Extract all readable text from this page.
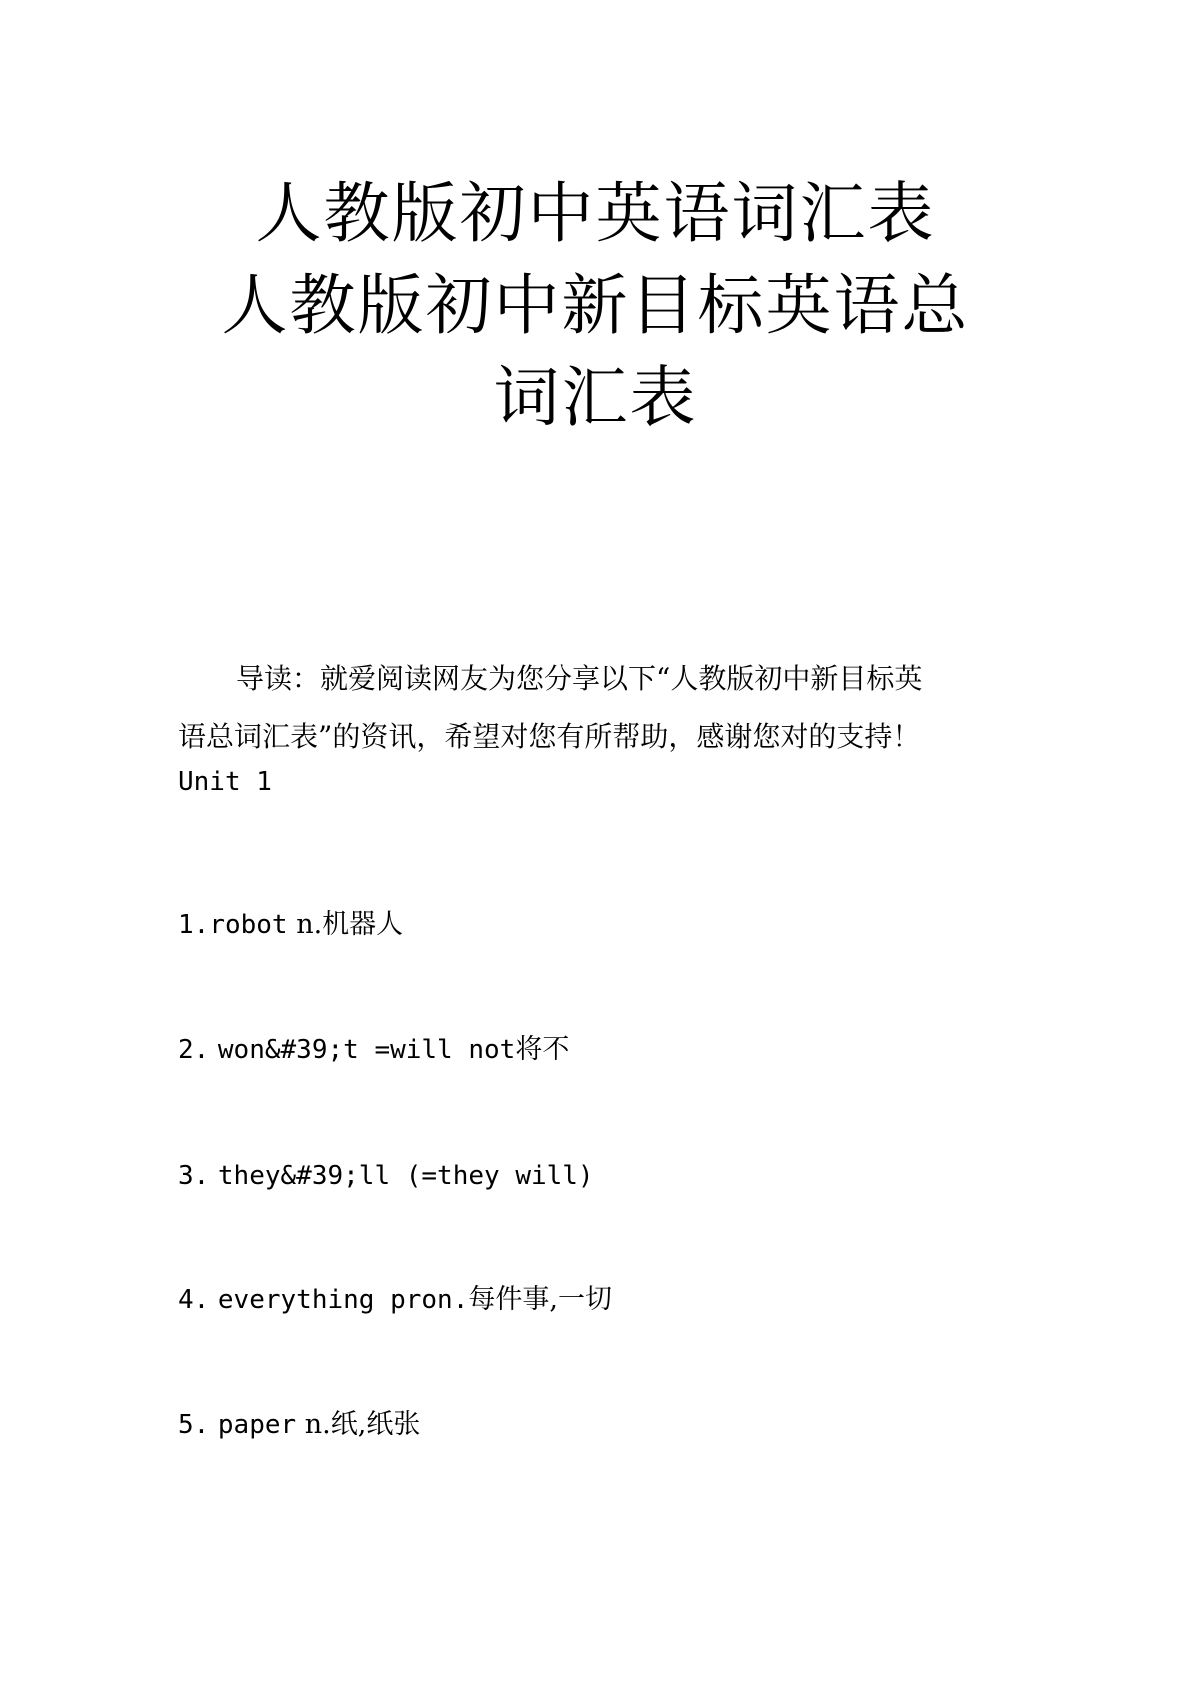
人教版初中英语词汇表
人教版初中新目标英语总
词汇表
导读：就爱阅读网友为您分享以下“人教版初中新目标英
语总词汇表”的资讯，希望对您有所帮助，感谢您对的支持！
Unit 1
1.robot n.机器人
2. won&#39;t =will not将不
3. they&#39;ll (=they will)
4. everything pron.每件事,一切
5. paper n.纸,纸张
